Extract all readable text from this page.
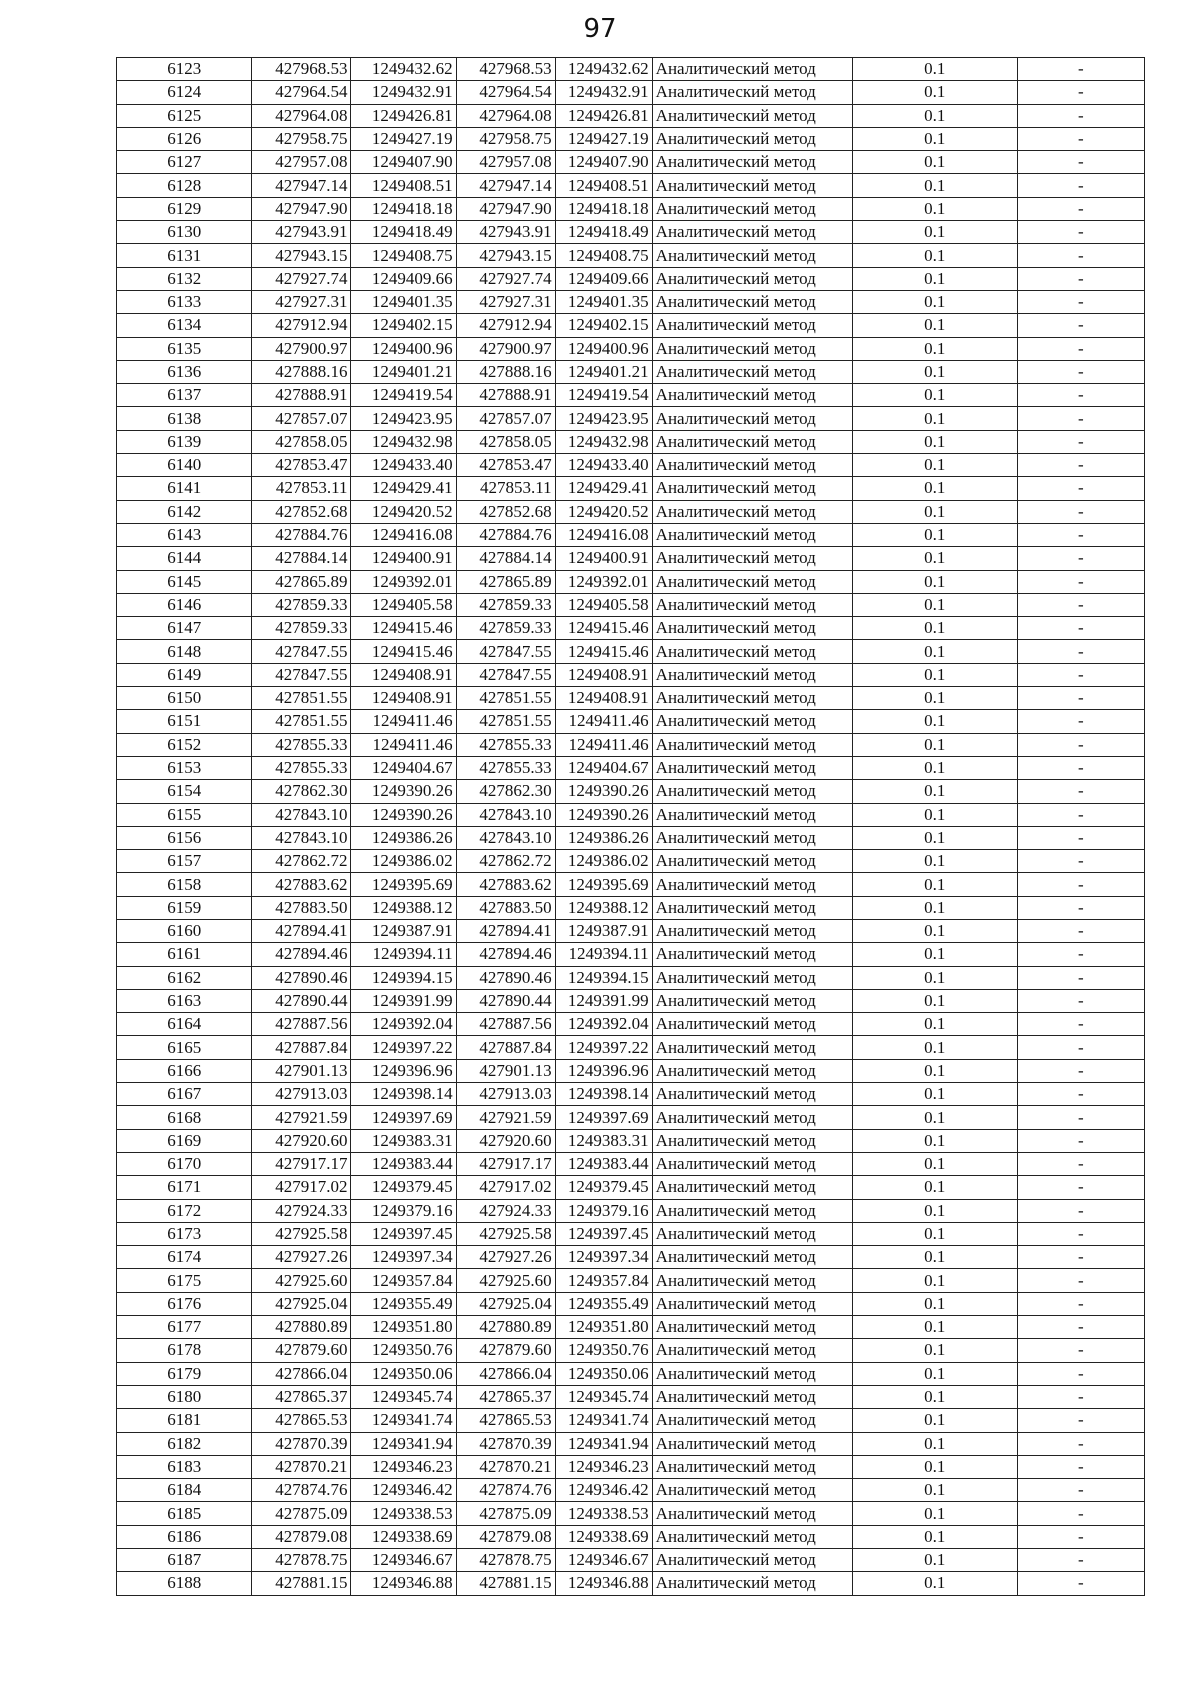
97
6123	427968.53	1249432.62	427968.53	1249432.62	Аналитический метод	0.1	-
6124	427964.54	1249432.91	427964.54	1249432.91	Аналитический метод	0.1	-
6125	427964.08	1249426.81	427964.08	1249426.81	Аналитический метод	0.1	-
6126	427958.75	1249427.19	427958.75	1249427.19	Аналитический метод	0.1	-
6127	427957.08	1249407.90	427957.08	1249407.90	Аналитический метод	0.1	-
6128	427947.14	1249408.51	427947.14	1249408.51	Аналитический метод	0.1	-
6129	427947.90	1249418.18	427947.90	1249418.18	Аналитический метод	0.1	-
6130	427943.91	1249418.49	427943.91	1249418.49	Аналитический метод	0.1	-
6131	427943.15	1249408.75	427943.15	1249408.75	Аналитический метод	0.1	-
6132	427927.74	1249409.66	427927.74	1249409.66	Аналитический метод	0.1	-
6133	427927.31	1249401.35	427927.31	1249401.35	Аналитический метод	0.1	-
6134	427912.94	1249402.15	427912.94	1249402.15	Аналитический метод	0.1	-
6135	427900.97	1249400.96	427900.97	1249400.96	Аналитический метод	0.1	-
6136	427888.16	1249401.21	427888.16	1249401.21	Аналитический метод	0.1	-
6137	427888.91	1249419.54	427888.91	1249419.54	Аналитический метод	0.1	-
6138	427857.07	1249423.95	427857.07	1249423.95	Аналитический метод	0.1	-
6139	427858.05	1249432.98	427858.05	1249432.98	Аналитический метод	0.1	-
6140	427853.47	1249433.40	427853.47	1249433.40	Аналитический метод	0.1	-
6141	427853.11	1249429.41	427853.11	1249429.41	Аналитический метод	0.1	-
6142	427852.68	1249420.52	427852.68	1249420.52	Аналитический метод	0.1	-
6143	427884.76	1249416.08	427884.76	1249416.08	Аналитический метод	0.1	-
6144	427884.14	1249400.91	427884.14	1249400.91	Аналитический метод	0.1	-
6145	427865.89	1249392.01	427865.89	1249392.01	Аналитический метод	0.1	-
6146	427859.33	1249405.58	427859.33	1249405.58	Аналитический метод	0.1	-
6147	427859.33	1249415.46	427859.33	1249415.46	Аналитический метод	0.1	-
6148	427847.55	1249415.46	427847.55	1249415.46	Аналитический метод	0.1	-
6149	427847.55	1249408.91	427847.55	1249408.91	Аналитический метод	0.1	-
6150	427851.55	1249408.91	427851.55	1249408.91	Аналитический метод	0.1	-
6151	427851.55	1249411.46	427851.55	1249411.46	Аналитический метод	0.1	-
6152	427855.33	1249411.46	427855.33	1249411.46	Аналитический метод	0.1	-
6153	427855.33	1249404.67	427855.33	1249404.67	Аналитический метод	0.1	-
6154	427862.30	1249390.26	427862.30	1249390.26	Аналитический метод	0.1	-
6155	427843.10	1249390.26	427843.10	1249390.26	Аналитический метод	0.1	-
6156	427843.10	1249386.26	427843.10	1249386.26	Аналитический метод	0.1	-
6157	427862.72	1249386.02	427862.72	1249386.02	Аналитический метод	0.1	-
6158	427883.62	1249395.69	427883.62	1249395.69	Аналитический метод	0.1	-
6159	427883.50	1249388.12	427883.50	1249388.12	Аналитический метод	0.1	-
6160	427894.41	1249387.91	427894.41	1249387.91	Аналитический метод	0.1	-
6161	427894.46	1249394.11	427894.46	1249394.11	Аналитический метод	0.1	-
6162	427890.46	1249394.15	427890.46	1249394.15	Аналитический метод	0.1	-
6163	427890.44	1249391.99	427890.44	1249391.99	Аналитический метод	0.1	-
6164	427887.56	1249392.04	427887.56	1249392.04	Аналитический метод	0.1	-
6165	427887.84	1249397.22	427887.84	1249397.22	Аналитический метод	0.1	-
6166	427901.13	1249396.96	427901.13	1249396.96	Аналитический метод	0.1	-
6167	427913.03	1249398.14	427913.03	1249398.14	Аналитический метод	0.1	-
6168	427921.59	1249397.69	427921.59	1249397.69	Аналитический метод	0.1	-
6169	427920.60	1249383.31	427920.60	1249383.31	Аналитический метод	0.1	-
6170	427917.17	1249383.44	427917.17	1249383.44	Аналитический метод	0.1	-
6171	427917.02	1249379.45	427917.02	1249379.45	Аналитический метод	0.1	-
6172	427924.33	1249379.16	427924.33	1249379.16	Аналитический метод	0.1	-
6173	427925.58	1249397.45	427925.58	1249397.45	Аналитический метод	0.1	-
6174	427927.26	1249397.34	427927.26	1249397.34	Аналитический метод	0.1	-
6175	427925.60	1249357.84	427925.60	1249357.84	Аналитический метод	0.1	-
6176	427925.04	1249355.49	427925.04	1249355.49	Аналитический метод	0.1	-
6177	427880.89	1249351.80	427880.89	1249351.80	Аналитический метод	0.1	-
6178	427879.60	1249350.76	427879.60	1249350.76	Аналитический метод	0.1	-
6179	427866.04	1249350.06	427866.04	1249350.06	Аналитический метод	0.1	-
6180	427865.37	1249345.74	427865.37	1249345.74	Аналитический метод	0.1	-
6181	427865.53	1249341.74	427865.53	1249341.74	Аналитический метод	0.1	-
6182	427870.39	1249341.94	427870.39	1249341.94	Аналитический метод	0.1	-
6183	427870.21	1249346.23	427870.21	1249346.23	Аналитический метод	0.1	-
6184	427874.76	1249346.42	427874.76	1249346.42	Аналитический метод	0.1	-
6185	427875.09	1249338.53	427875.09	1249338.53	Аналитический метод	0.1	-
6186	427879.08	1249338.69	427879.08	1249338.69	Аналитический метод	0.1	-
6187	427878.75	1249346.67	427878.75	1249346.67	Аналитический метод	0.1	-
6188	427881.15	1249346.88	427881.15	1249346.88	Аналитический метод	0.1	-
